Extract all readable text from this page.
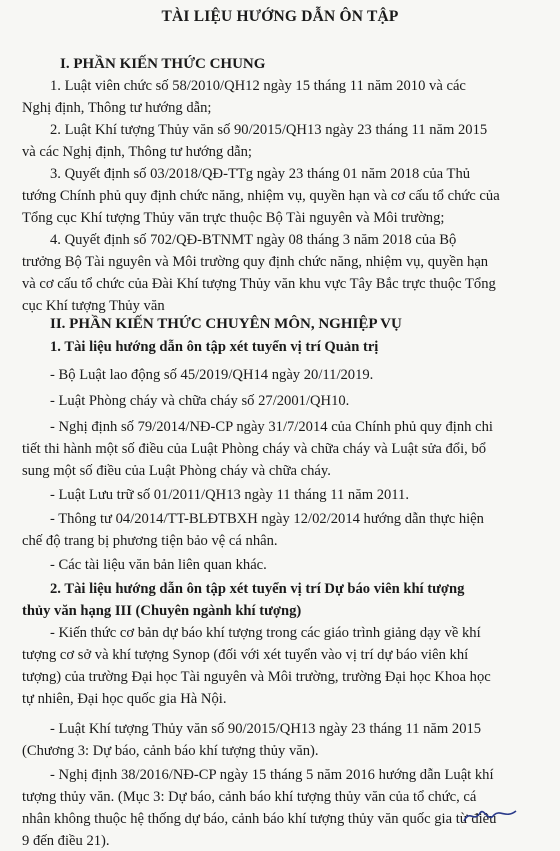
TÀI LIỆU HƯỚNG DẪN ÔN TẬP
I. PHẦN KIẾN THỨC CHUNG
1. Luật viên chức số 58/2010/QH12 ngày 15 tháng 11 năm 2010 và các
Nghị định, Thông tư hướng dẫn;
2. Luật Khí tượng Thủy văn số 90/2015/QH13 ngày 23 tháng 11 năm 2015
và các Nghị định, Thông tư hướng dẫn;
3. Quyết định số 03/2018/QĐ-TTg ngày 23 tháng 01 năm 2018 của Thủ
tướng Chính phủ quy định chức năng, nhiệm vụ, quyền hạn và cơ cấu tổ chức của
Tổng cục Khí tượng Thủy văn trực thuộc Bộ Tài nguyên và Môi trường;
4. Quyết định số 702/QĐ-BTNMT ngày 08 tháng 3 năm 2018 của Bộ
trưởng Bộ Tài nguyên và Môi trường quy định chức năng, nhiệm vụ, quyền hạn
và cơ cấu tổ chức của Đài Khí tượng Thủy văn khu vực Tây Bắc trực thuộc Tổng
cục Khí tượng Thủy văn
II. PHẦN KIẾN THỨC CHUYÊN MÔN, NGHIỆP VỤ
1. Tài liệu hướng dẫn ôn tập xét tuyển vị trí Quản trị
- Bộ Luật lao động số 45/2019/QH14 ngày 20/11/2019.
- Luật Phòng cháy và chữa cháy số 27/2001/QH10.
- Nghị định số 79/2014/NĐ-CP ngày 31/7/2014 của Chính phủ quy định chi
tiết thi hành một số điều của Luật Phòng cháy và chữa cháy và Luật sửa đổi, bổ
sung một số điều của Luật Phòng cháy và chữa cháy.
- Luật Lưu trữ số 01/2011/QH13 ngày 11 tháng 11 năm 2011.
- Thông tư 04/2014/TT-BLĐTBXH ngày 12/02/2014 hướng dẫn thực hiện
chế độ trang bị phương tiện bảo vệ cá nhân.
- Các tài liệu văn bản liên quan khác.
2. Tài liệu hướng dẫn ôn tập xét tuyển vị trí Dự báo viên khí tượng
thủy văn hạng III (Chuyên ngành khí tượng)
- Kiến thức cơ bản dự báo khí tượng trong các giáo trình giảng dạy về khí
tượng cơ sở và khí tượng Synop (đối với xét tuyển vào vị trí dự báo viên khí
tượng) của trường Đại học Tài nguyên và Môi trường, trường Đại học Khoa học
tự nhiên, Đại học quốc gia Hà Nội.
- Luật Khí tượng Thủy văn số 90/2015/QH13 ngày 23 tháng 11 năm 2015
(Chương 3: Dự báo, cảnh báo khí tượng thủy văn).
- Nghị định 38/2016/NĐ-CP ngày 15 tháng 5 năm 2016 hướng dẫn Luật khí
tượng thủy văn. (Mục 3: Dự báo, cảnh báo khí tượng thủy văn của tổ chức, cá
nhân không thuộc hệ thống dự báo, cảnh báo khí tượng thủy văn quốc gia từ điều
9 đến điều 21).
